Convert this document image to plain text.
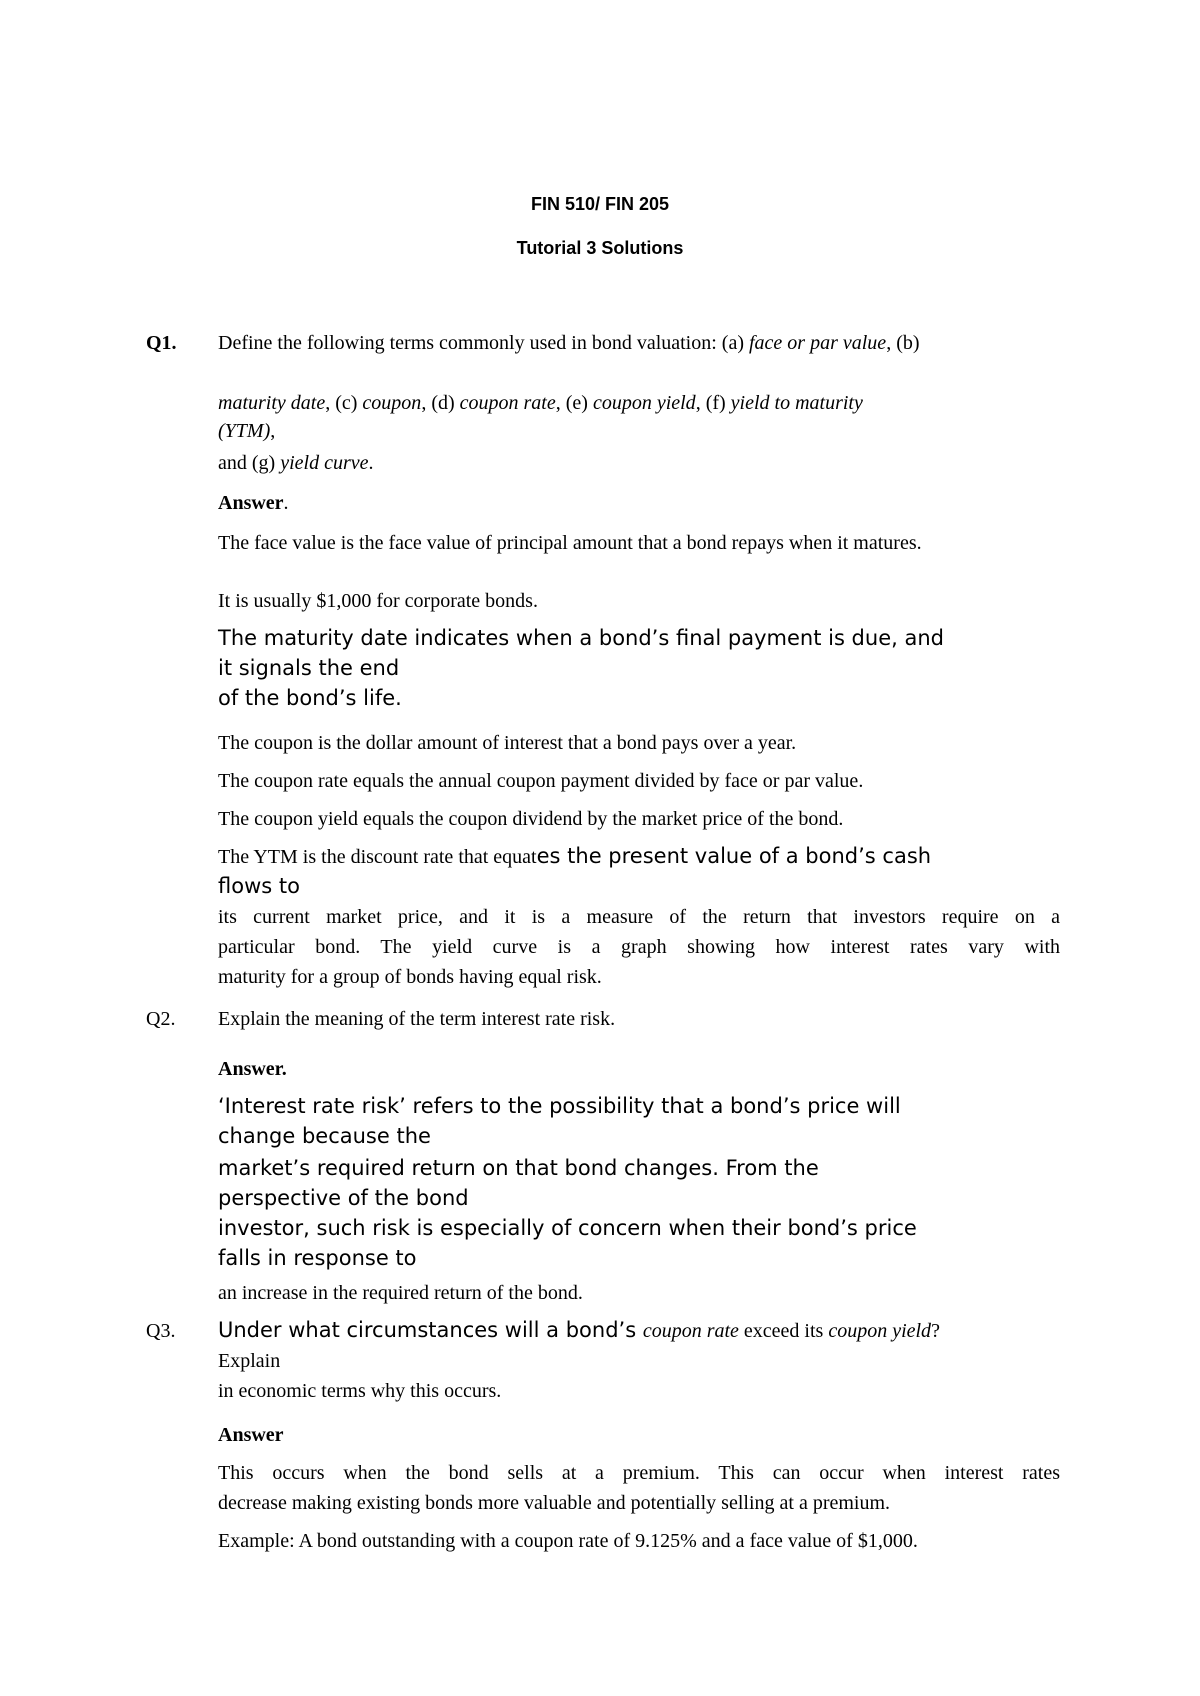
FIN 510/ FIN 205
Tutorial 3 Solutions
Q1. Define the following terms commonly used in bond valuation: (a) face or par value, (b)
maturity date, (c) coupon, (d) coupon rate, (e) coupon yield, (f) yield to maturity
(YTM),
and (g) yield curve.
Answer.
The face value is the face value of principal amount that a bond repays when it matures.
It is usually $1,000 for corporate bonds.
The maturity date indicates when a bond’s final payment is due, and
it signals the end
of the bond’s life.
The coupon is the dollar amount of interest that a bond pays over a year.
The coupon rate equals the annual coupon payment divided by face or par value.
The coupon yield equals the coupon dividend by the market price of the bond.
The YTM is the discount rate that equates the present value of a bond’s cash
flows to
its current market price, and it is a measure of the return that investors require on a
particular bond. The yield curve is a graph showing how interest rates vary with
maturity for a group of bonds having equal risk.
Q2. Explain the meaning of the term interest rate risk.
Answer.
‘Interest rate risk’ refers to the possibility that a bond’s price will
change because the
market’s required return on that bond changes. From the
perspective of the bond
investor, such risk is especially of concern when their bond’s price
falls in response to
an increase in the required return of the bond.
Q3. Under what circumstances will a bond’s coupon rate exceed its coupon yield?
Explain
in economic terms why this occurs.
Answer
This occurs when the bond sells at a premium. This can occur when interest rates
decrease making existing bonds more valuable and potentially selling at a premium.
Example: A bond outstanding with a coupon rate of 9.125% and a face value of $1,000.
